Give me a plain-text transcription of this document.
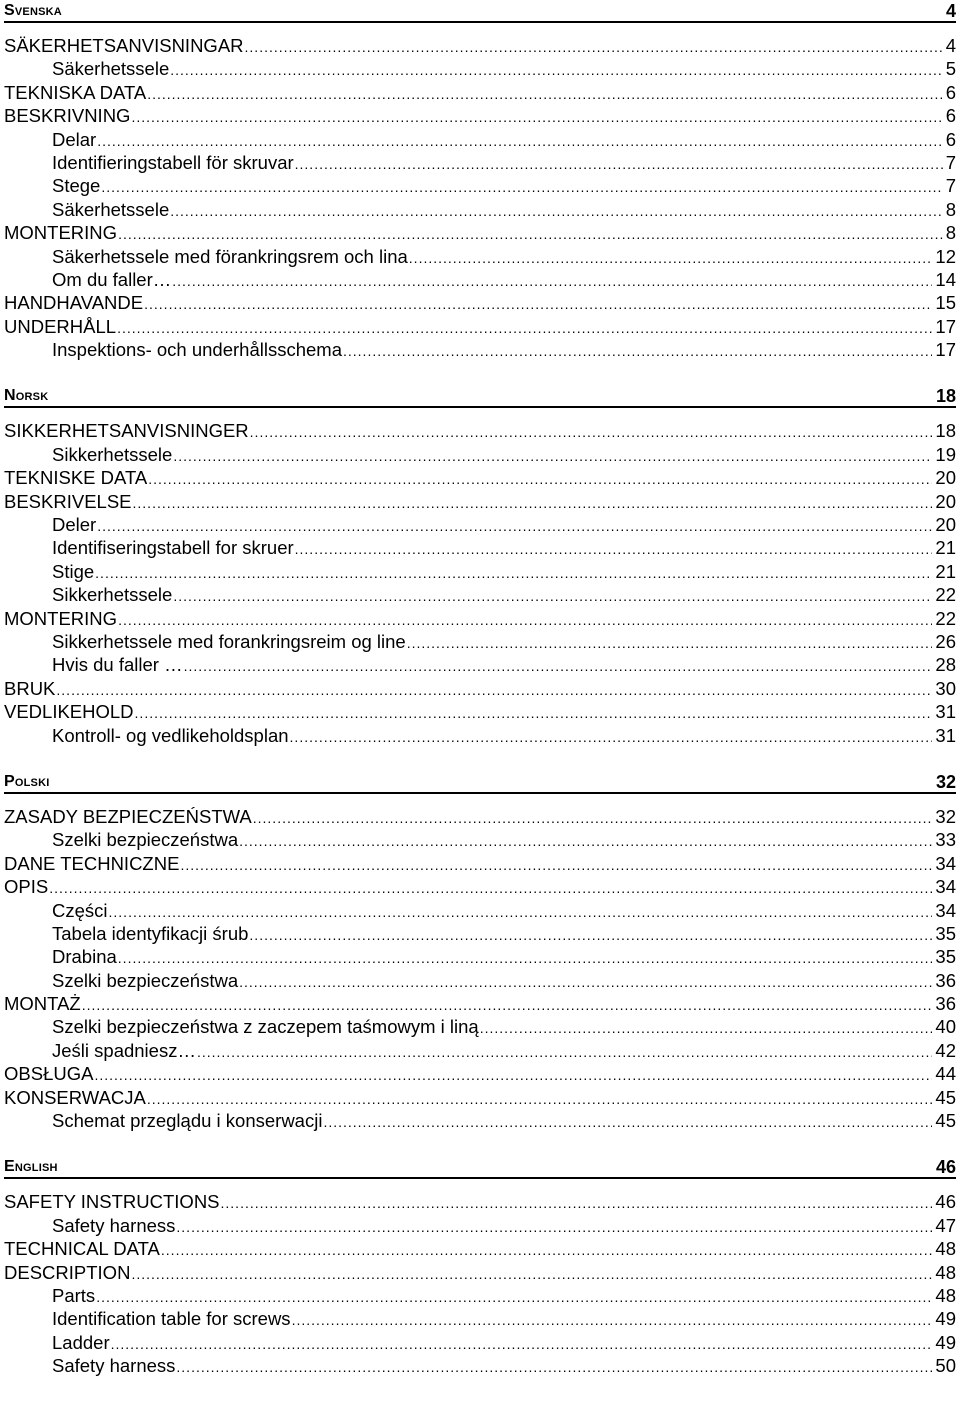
Svenska	4
SÄKERHETSANVISNINGAR .....	4
Säkerhetssele .....	5
TEKNISKA DATA .....	6
BESKRIVNING .....	6
Delar .....	6
Identifieringstabell för skruvar .....	7
Stege .....	7
Säkerhetssele .....	8
MONTERING .....	8
Säkerhetssele med förankringsrem och lina .....	12
Om du faller… .....	14
HANDHAVANDE .....	15
UNDERHÅLL .....	17
Inspektions- och underhållsschema .....	17
Norsk	18
SIKKERHETSANVISNINGER .....	18
Sikkerhetssele .....	19
TEKNISKE DATA .....	20
BESKRIVELSE .....	20
Deler .....	20
Identifiseringstabell for skruer .....	21
Stige .....	21
Sikkerhetssele .....	22
MONTERING .....	22
Sikkerhetssele med forankringsreim og line .....	26
Hvis du faller … .....	28
BRUK .....	30
VEDLIKEHOLD .....	31
Kontroll- og vedlikeholdsplan .....	31
Polski	32
ZASADY BEZPIECZEŃSTWA .....	32
Szelki bezpieczeństwa .....	33
DANE TECHNICZNE .....	34
OPIS .....	34
Części .....	34
Tabela identyfikacji śrub .....	35
Drabina .....	35
Szelki bezpieczeństwa .....	36
MONTAŻ .....	36
Szelki bezpieczeństwa z zaczepem taśmowym i liną .....	40
Jeśli spadniesz… .....	42
OBSŁUGA .....	44
KONSERWACJA .....	45
Schemat przeglądu i konserwacji .....	45
English	46
SAFETY INSTRUCTIONS .....	46
Safety harness .....	47
TECHNICAL DATA .....	48
DESCRIPTION .....	48
Parts .....	48
Identification table for screws .....	49
Ladder .....	49
Safety harness .....	50
